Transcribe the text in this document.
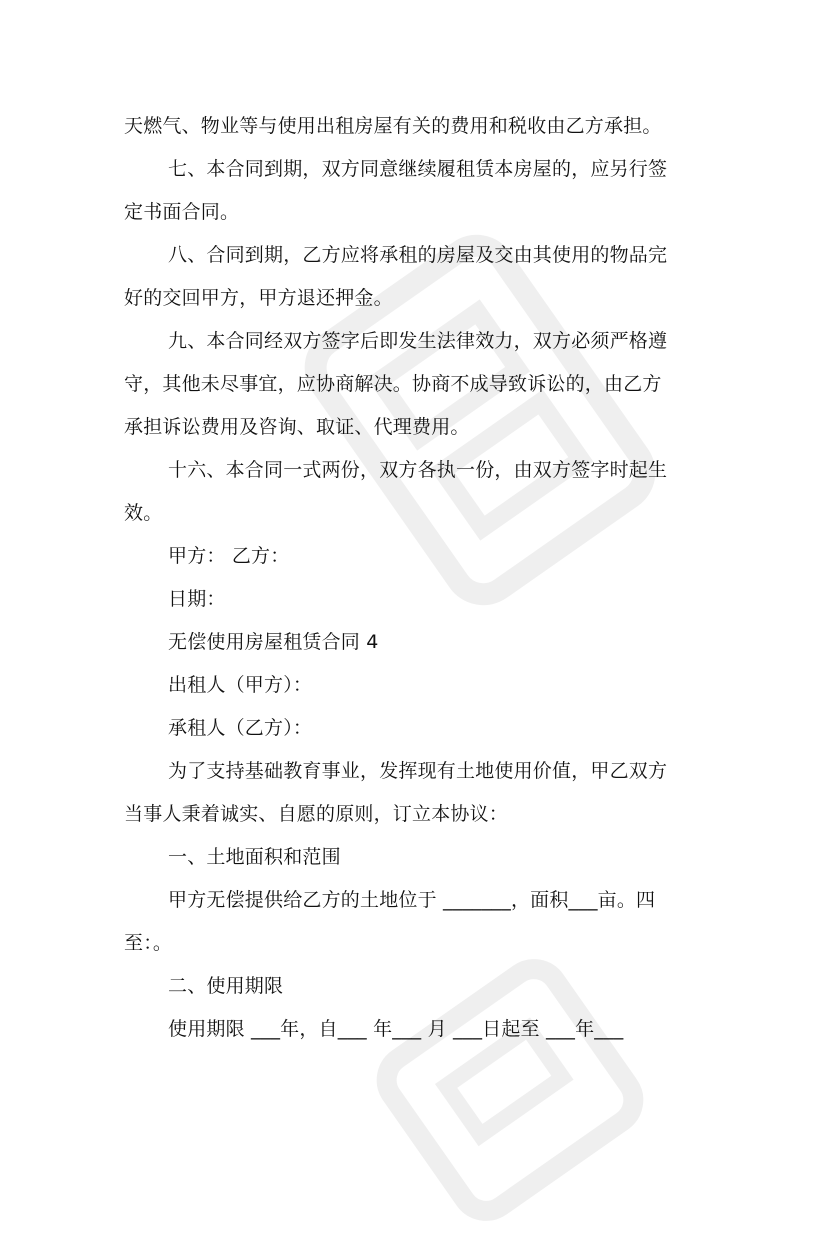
天燃气、物业等与使用出租房屋有关的费用和税收由乙方承担。
七、本合同到期，双方同意继续履租赁本房屋的，应另行签
定书面合同。
八、合同到期，乙方应将承租的房屋及交由其使用的物品完
好的交回甲方，甲方退还押金。
九、本合同经双方签字后即发生法律效力，双方必须严格遵
守，其他未尽事宜，应协商解决。协商不成导致诉讼的，由乙方
承担诉讼费用及咨询、取证、代理费用。
十六、本合同一式两份，双方各执一份，由双方签字时起生
效。
甲方： 乙方：
日期：
无偿使用房屋租赁合同 4
出租人（甲方）：
承租人（乙方）：
为了支持基础教育事业，发挥现有土地使用价值，甲乙双方
当事人秉着诚实、自愿的原则，订立本协议：
一、土地面积和范围
甲方无偿提供给乙方的土地位于 _______，面积___亩。四
至：。
二、使用期限
使用期限 ___年，自___ 年___ 月 ___日起至 ___年___
